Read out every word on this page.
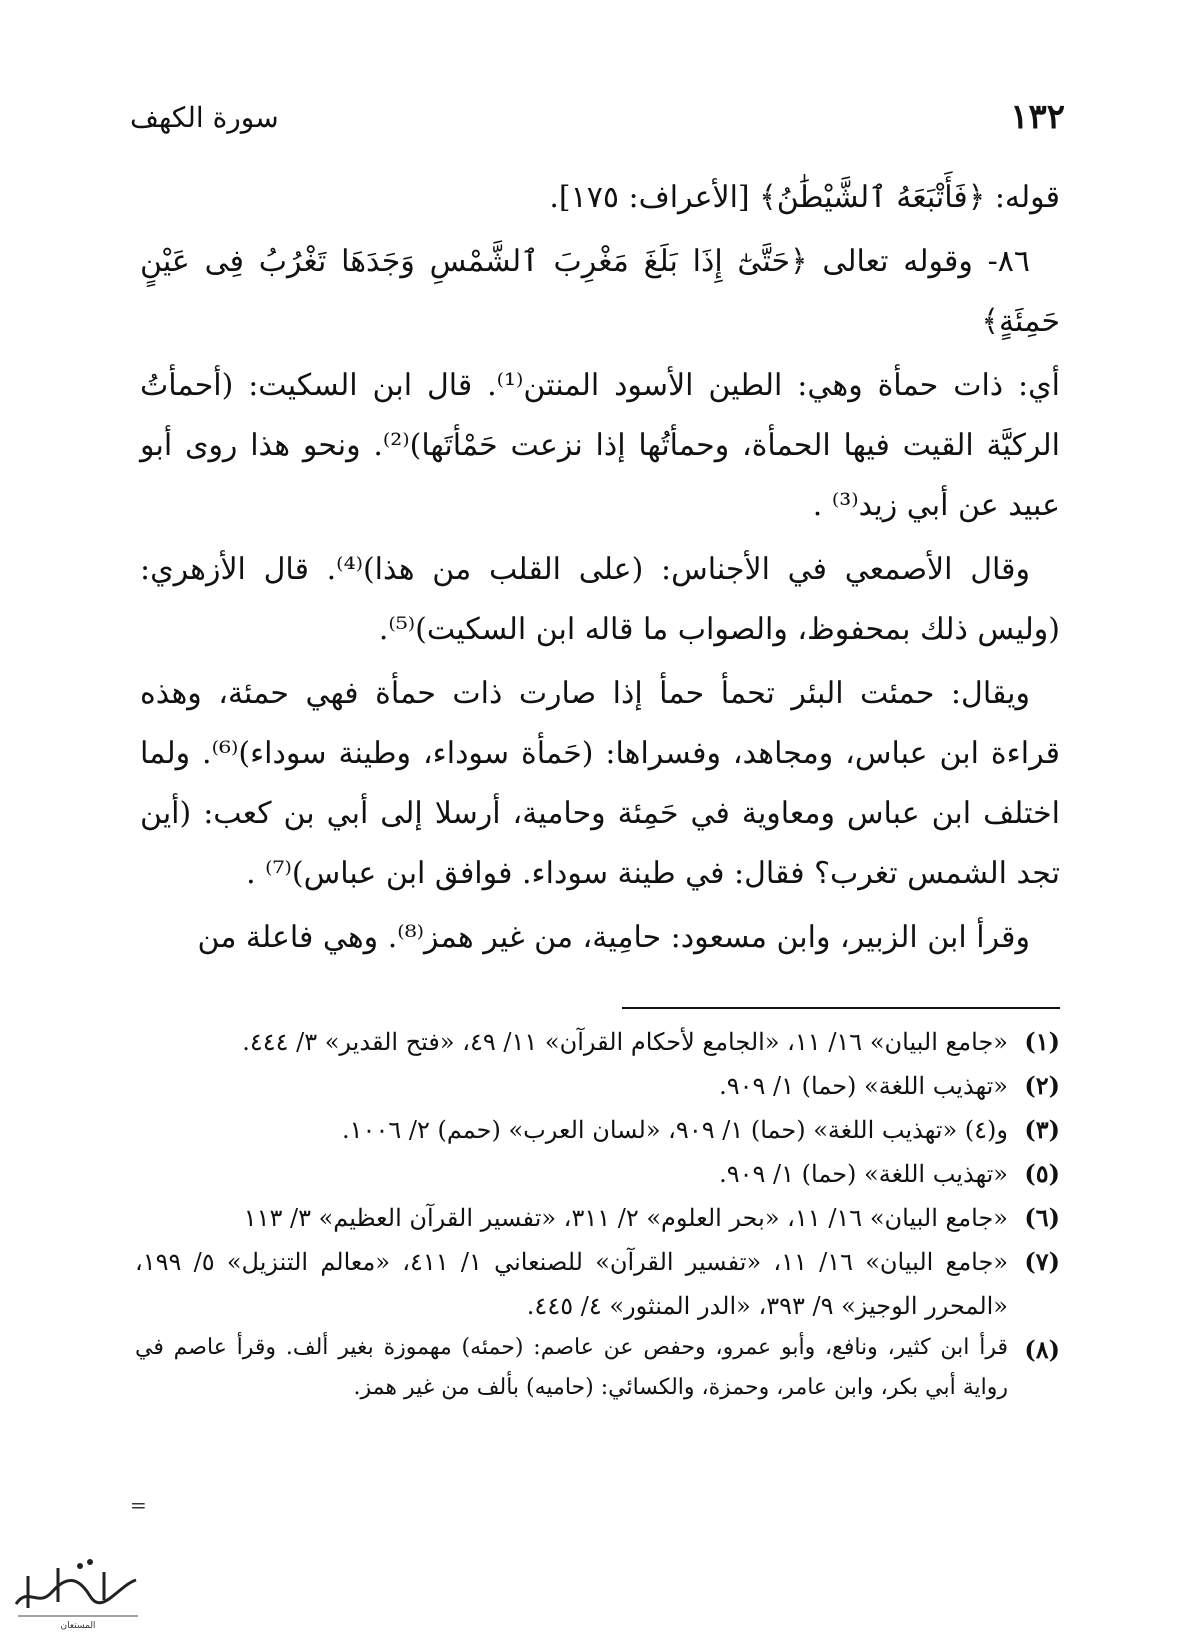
١٣٢
سورة الكهف

قوله: ﴿فَأَتْبَعَهُ ٱلشَّيْطَٰنُ﴾ [الأعراف: ١٧٥].

٨٦- وقوله تعالى ﴿حَتَّىٰٓ إِذَا بَلَغَ مَغْرِبَ ٱلشَّمْسِ وَجَدَهَا تَغْرُبُ فِى عَيْنٍ حَمِئَةٍ﴾

أي: ذات حمأة وهي: الطين الأسود المنتن⁽¹⁾. قال ابن السكيت: (أحمأتُ الركيَّة القيت فيها الحمأة، وحمأتُها إذا نزعت حَمْأتَها)⁽²⁾. ونحو هذا روى أبو عبيد عن أبي زيد⁽³⁾ .

وقال الأصمعي في الأجناس: (على القلب من هذا)⁽⁴⁾. قال الأزهري: (وليس ذلك بمحفوظ، والصواب ما قاله ابن السكيت)⁽⁵⁾.

ويقال: حمئت البئر تحمأ حمأ إذا صارت ذات حمأة فهي حمئة، وهذه قراءة ابن عباس، ومجاهد، وفسراها: (حَمأة سوداء، وطينة سوداء)⁽⁶⁾. ولما اختلف ابن عباس ومعاوية في حَمِئة وحامية، أرسلا إلى أبي بن كعب: (أين تجد الشمس تغرب؟ فقال: في طينة سوداء. فوافق ابن عباس)⁽⁷⁾ .

وقرأ ابن الزبير، وابن مسعود: حامِية، من غير همز⁽⁸⁾. وهي فاعلة من

(١)
«جامع البيان» ١٦/ ١١، «الجامع لأحكام القرآن» ١١/ ٤٩، «فتح القدير» ٣/ ٤٤٤.
(٢)
«تهذيب اللغة» (حما) ١/ ٩٠٩.
(٣)
و(٤) «تهذيب اللغة» (حما) ١/ ٩٠٩، «لسان العرب» (حمم) ٢/ ١٠٠٦.
(٥)
«تهذيب اللغة» (حما) ١/ ٩٠٩.
(٦)
«جامع البيان» ١٦/ ١١، «بحر العلوم» ٢/ ٣١١، «تفسير القرآن العظيم» ٣/ ١١٣
(٧)
«جامع البيان» ١٦/ ١١، «تفسير القرآن» للصنعاني ١/ ٤١١، «معالم التنزيل» ٥/ ١٩٩، «المحرر الوجيز» ٩/ ٣٩٣، «الدر المنثور» ٤/ ٤٤٥.
(٨)
قرأ ابن كثير، ونافع، وأبو عمرو، وحفص عن عاصم: (حمئه) مهموزة بغير ألف. وقرأ عاصم في رواية أبي بكر، وابن عامر، وحمزة، والكسائي: (حاميه) بألف من غير همز.
=
المستعان
